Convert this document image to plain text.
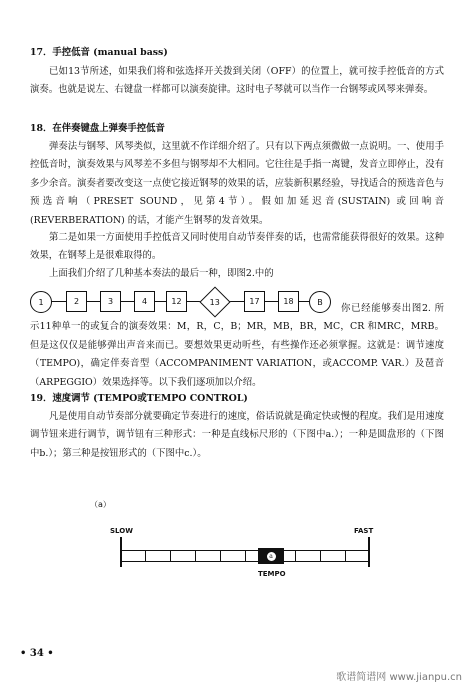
17．手控低音 (manual bass)
已如13节所述，如果我们将和弦选择开关拨到关闭（OFF）的位置上，就可按手控低音的方式演奏。也就是说左、右键盘一样都可以演奏旋律。这时电子琴就可以当作一台钢琴或风琴来弹奏。
18．在伴奏键盘上弹奏手控低音
弹奏法与钢琴、风琴类似，这里就不作详细介绍了。只有以下两点须微做一点说明。一、使用手控低音时，演奏效果与风琴差不多但与钢琴却不大相同。它往往是手指一离键，发音立即停止，没有多少余音。演奏者要改变这一点使它接近钢琴的效果的话，应装新积累经验，导找适合的预选音色与预选音响（PRESET SOUND，见第4节）。假如加延迟音(SUSTAIN) 或回响音 (REVERBERATION) 的话，才能产生钢琴的发音效果。
第二是如果一方面使用手控低音又同时使用自动节奏伴奏的话，也需常能获得很好的效果。这种效果，在钢琴上是很难取得的。
上面我们介绍了几种基本奏法的最后一种，即图2.中的
1	2	3	4	12	13	17	18	B
你已经能够奏出图2. 所示11种单一的或复合的演奏效果：M，R，C，B；MR，MB，BR，MC，CR 和MRC，MRB。但是这仅仅是能够弹出声音来而已。要想效果更动听些，有些操作还必须掌握。这就是：调节速度（TEMPO)，确定伴奏音型（ACCOMPANIMENT VARIATION，或ACCOMP. VAR.）及琶音（ARPEGGIO）效果选择等。以下我们逐项加以介绍。
19．速度调节 (TEMPO或TEMPO CONTROL)
凡是使用自动节奏部分就要确定节奏进行的速度，俗话说就是确定快或慢的程度。我们是用速度调节钮来进行调节，调节钮有三种形式：一种是直线标尺形的（下图中a.）；一种是圆盘形的（下图中b.）；第三种是按钮形式的（下图中c.）。
（a）
SLOW	FAST
a
TEMPO
• 34 •
歌谱简谱网 www.jianpu.cn
